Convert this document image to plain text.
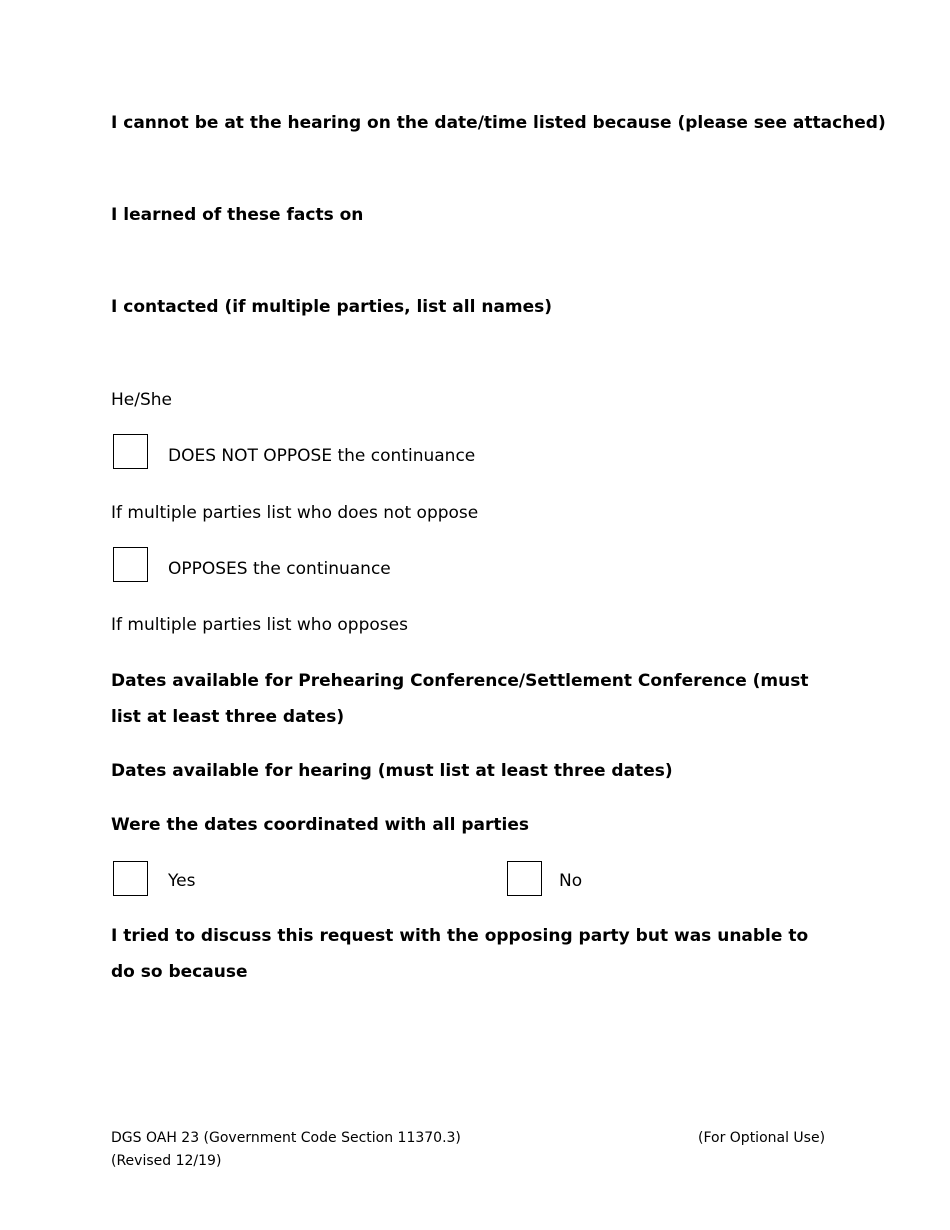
I cannot be at the hearing on the date/time listed because (please see attached)
I learned of these facts on
I contacted (if multiple parties, list all names)
He/She
DOES NOT OPPOSE the continuance
If multiple parties list who does not oppose
OPPOSES the continuance
If multiple parties list who opposes
Dates available for Prehearing Conference/Settlement Conference (must list at least three dates)
Dates available for hearing (must list at least three dates)
Were the dates coordinated with all parties
Yes	No
I tried to discuss this request with the opposing party but was unable to do so because
DGS OAH 23 (Government Code Section 11370.3)
(Revised 12/19)
(For Optional Use)
